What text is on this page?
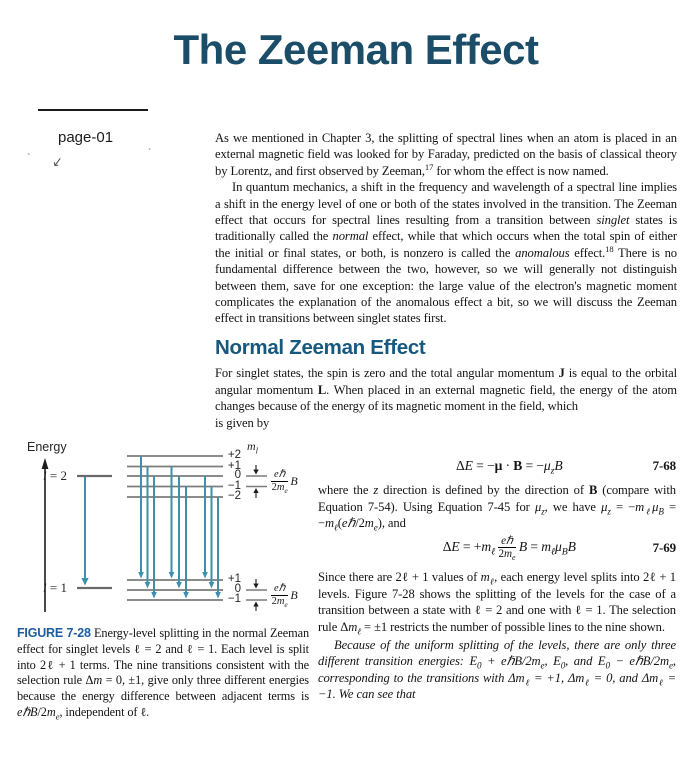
The Zeeman Effect
page-01
ˋ ↙	ˊ

As we mentioned in Chapter 3, the splitting of spectral lines when an atom is placed in an external magnetic field was looked for by Faraday, predicted on the basis of classical theory by Lorentz, and first observed by Zeeman,$^{17}$ for whom the effect is now named.

In quantum mechanics, a shift in the frequency and wavelength of a spectral line implies a shift in the energy level of one or both of the states involved in the transition. The Zeeman effect that occurs for spectral lines resulting from a transition between singlet states is traditionally called the normal effect, while that which occurs when the total spin of either the initial or final states, or both, is nonzero is called the anomalous effect.$^{18}$ There is no fundamental difference between the two, however, so we will generally not distinguish between them, save for one exception: the large value of the electron's magnetic moment complicates the explanation of the anomalous effect a bit, so we will discuss the Zeeman effect in transitions between singlet states first.

Normal Zeeman Effect

For singlet states, the spin is zero and the total angular momentum J is equal to the orbital angular momentum L. When placed in an external magnetic field, the energy of the atom changes because of the energy of its magnetic moment in the field, which

is given by

$\Delta E = -\mu \cdot B = -\mu_zB$	7-68

where the z direction is defined by the direction of B (compare with Equation 7-54). Using Equation 7-45 for $\mu_z$, we have $\mu_z = -m_\ell\mu_B$ = $-m_\ell(e\hbar/2m_e)$, and

$\Delta E = +m_\ell \frac{\text{eℏ}}{2m_e}$ $B = m_\ell\mu_BB$	7-69

Since there are 2ℓ + 1 values of $m_\ell$, each energy level splits into 2ℓ + 1 levels. Figure 7-28 shows the splitting of the levels for the case of a transition between a state with ℓ = 2 and one with ℓ = 1. The selection rule $\Delta m_\ell = \pm 1$ restricts the number of possible lines to the nine shown.

Because of the uniform splitting of the levels, there are only three different transition energies: $E_0$ + eℏB/$2m_e$, $E_0$, and $E_0$ − eℏB/$2m_e$, corresponding to the transitions with $\Delta m_\ell = +1$, $\Delta m_\ell = 0$, and $\Delta m_\ell = -1$. We can see that

Energy
l = 2
l = 1
$m_l$
+2
+1
0
−1
−2
+1
0
−1
$\frac{\text{eℏ}}{2m_e}$ B
$\frac{\text{eℏ}}{2m_e}$ B
FIGURE 7-28 Energy-level splitting in the normal Zeeman effect for singlet levels ℓ = 2 and ℓ = 1. Each level is split into 2ℓ + 1 terms. The nine transitions consistent with the selection rule Δm = 0, ±1, give only three different energies because the energy difference between adjacent terms is eℏB/$2m_e$, independent of ℓ.
